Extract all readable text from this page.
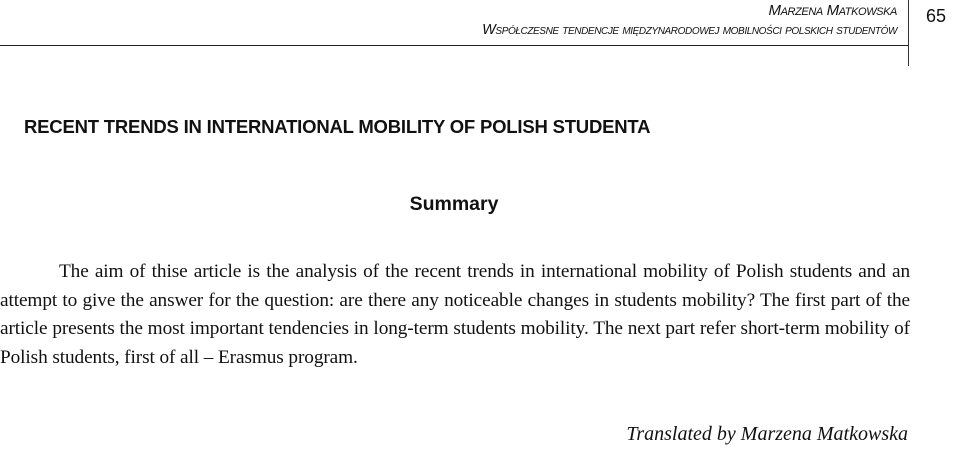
Marzena Matkowska
Współczesne tendencje międzynarodowej mobilności polskich studentów
65
RECENT TRENDS IN INTERNATIONAL MOBILITY OF POLISH STUDENTA
Summary

The aim of thise article is the analysis of the recent trends in international mobility of Polish students and an attempt to give the answer for the question: are there any noticeable changes in students mobility? The first part of the article presents the most important tendencies in long-term students mobility. The next part refer short-term mobility of Polish students, first of all – Erasmus program.

Translated by Marzena Matkowska
